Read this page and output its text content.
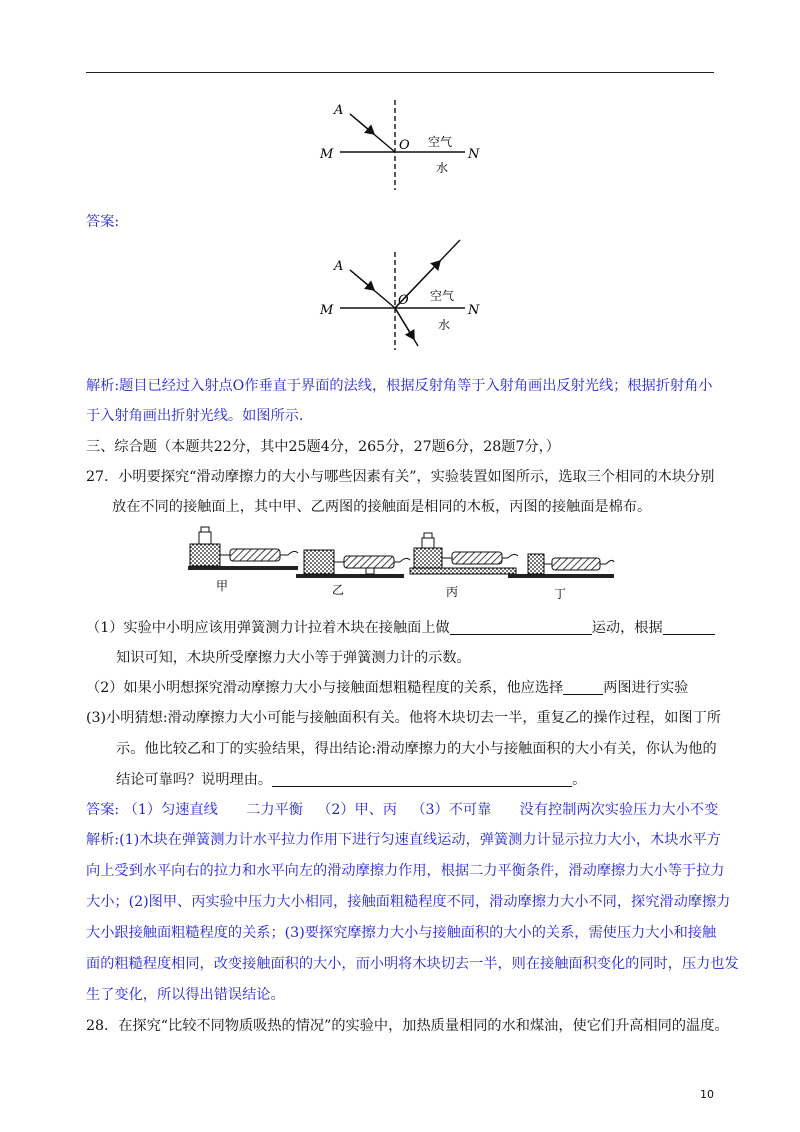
A
O
M	N
空气
水
答案:
A
O
M	N
空气
水
解析:题目已经过入射点O作垂直于界面的法线，根据反射角等于入射角画出反射光线；根据折射角小
于入射角画出折射光线。如图所示.
三、综合题（本题共22分，其中25题4分，265分，27题6分，28题7分，）
27．小明要探究“滑动摩擦力的大小与哪些因素有关”，实验装置如图所示，选取三个相同的木块分别
放在不同的接触面上，其中甲、乙两图的接触面是相同的木板，丙图的接触面是棉布。
甲	乙	丙	丁
（1）实验中小明应该用弹簧测力计拉着木块在接触面上做	运动，根据
知识可知，木块所受摩擦力大小等于弹簧测力计的示数。
（2）如果小明想探究滑动摩擦力大小与接触面想粗糙程度的关系，他应选择	两图进行实验
(3)小明猜想:滑动摩擦力大小可能与接触面积有关。他将木块切去一半，重复乙的操作过程，如图丁所
示。他比较乙和丁的实验结果，得出结论:滑动摩擦力的大小与接触面积的大小有关，你认为他的
结论可靠吗？说明理由。	。
答案: （1）匀速直线   二力平衡  （2）甲、丙  （3）不可靠   没有控制两次实验压力大小不变
解析:(1)木块在弹簧测力计水平拉力作用下进行匀速直线运动，弹簧测力计显示拉力大小，木块水平方
向上受到水平向右的拉力和水平向左的滑动摩擦力作用，根据二力平衡条件，滑动摩擦力大小等于拉力
大小；(2)图甲、丙实验中压力大小相同，接触面粗糙程度不同，滑动摩擦力大小不同，探究滑动摩擦力
大小跟接触面粗糙程度的关系；(3)要探究摩擦力大小与接触面积的大小的关系，需使压力大小和接触
面的粗糙程度相同，改变接触面积的大小，而小明将木块切去一半，则在接触面积变化的同时，压力也发
生了变化，所以得出错误结论。
28．在探究“比较不同物质吸热的情况”的实验中，加热质量相同的水和煤油，使它们升高相同的温度。
10
